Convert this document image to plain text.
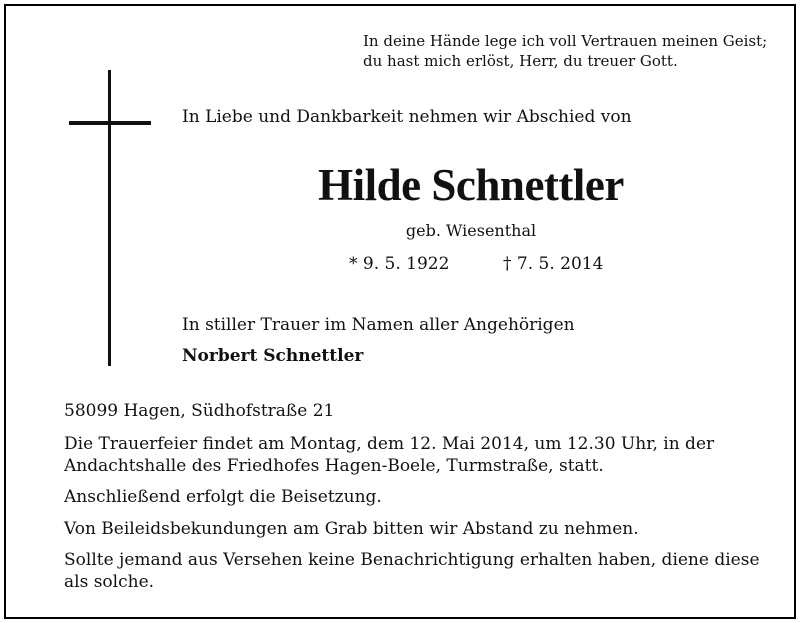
In deine Hände lege ich voll Vertrauen meinen Geist;
du hast mich erlöst, Herr, du treuer Gott.
In Liebe und Dankbarkeit nehmen wir Abschied von
Hilde Schnettler
geb. Wiesenthal
* 9. 5. 1922	† 7. 5. 2014
In stiller Trauer im Namen aller Angehörigen
Norbert Schnettler
58099 Hagen, Südhofstraße 21
Die Trauerfeier findet am Montag, dem 12. Mai 2014, um 12.30 Uhr, in der
Andachtshalle des Friedhofes Hagen-Boele, Turmstraße, statt.
Anschließend erfolgt die Beisetzung.
Von Beileidsbekundungen am Grab bitten wir Abstand zu nehmen.
Sollte jemand aus Versehen keine Benachrichtigung erhalten haben, diene diese
als solche.
